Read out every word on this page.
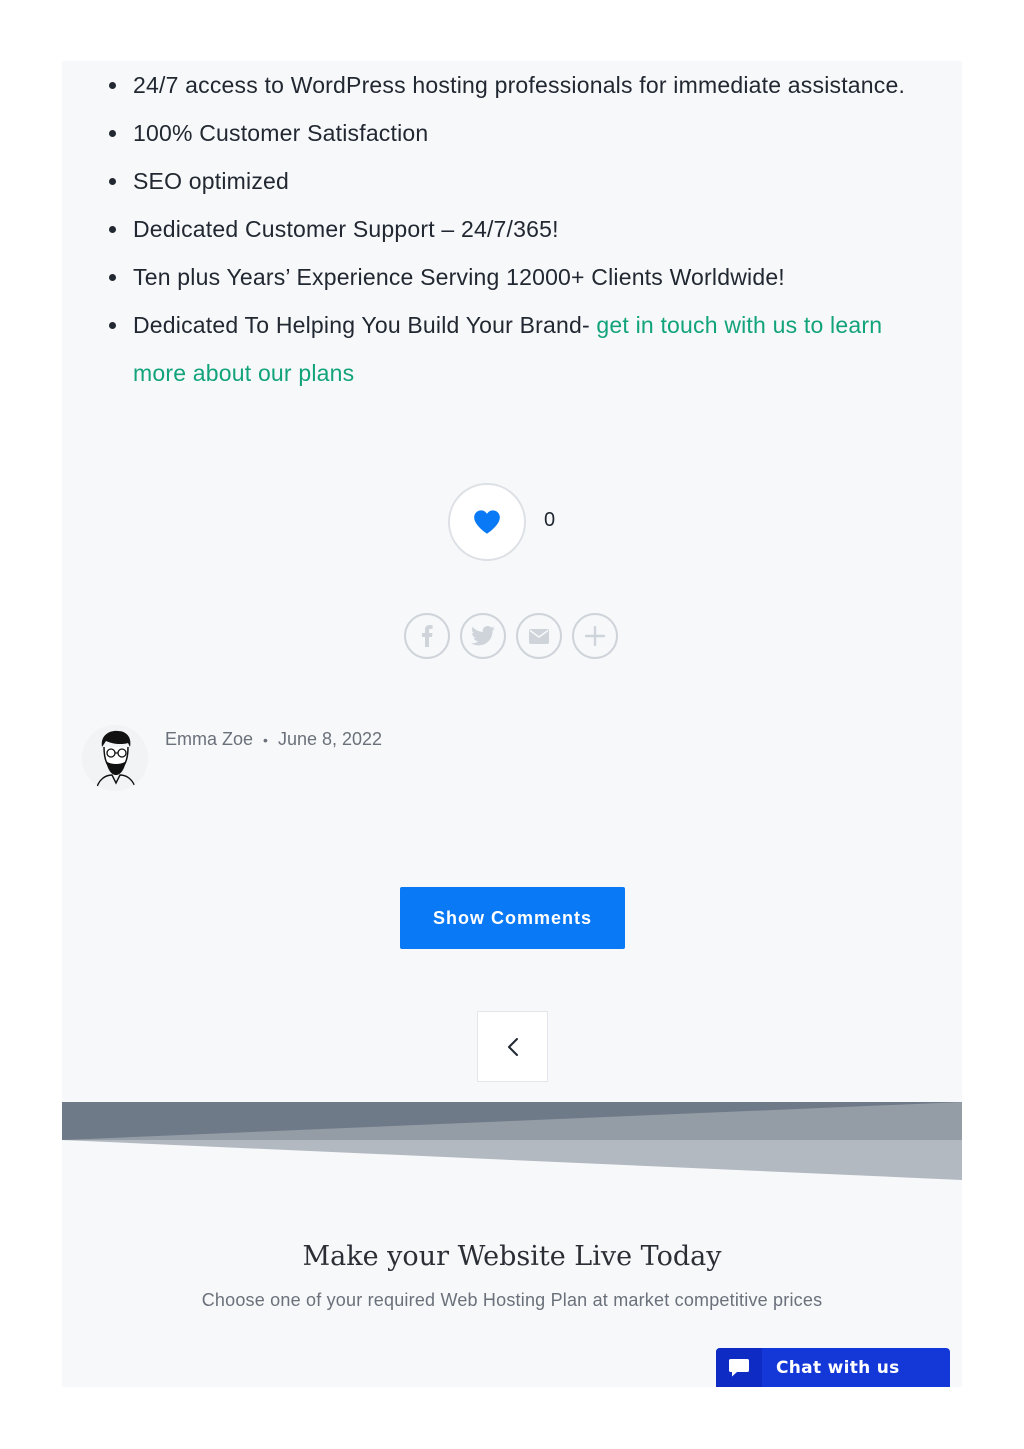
24/7 access to WordPress hosting professionals for immediate assistance.
100% Customer Satisfaction
SEO optimized
Dedicated Customer Support – 24/7/365!
Ten plus Years’ Experience Serving 12000+ Clients Worldwide!
Dedicated To Helping You Build Your Brand- get in touch with us to learn more about our plans
0
Emma Zoe • June 8, 2022
Show Comments
Make your Website Live Today
Choose one of your required Web Hosting Plan at market competitive prices
Chat with us
